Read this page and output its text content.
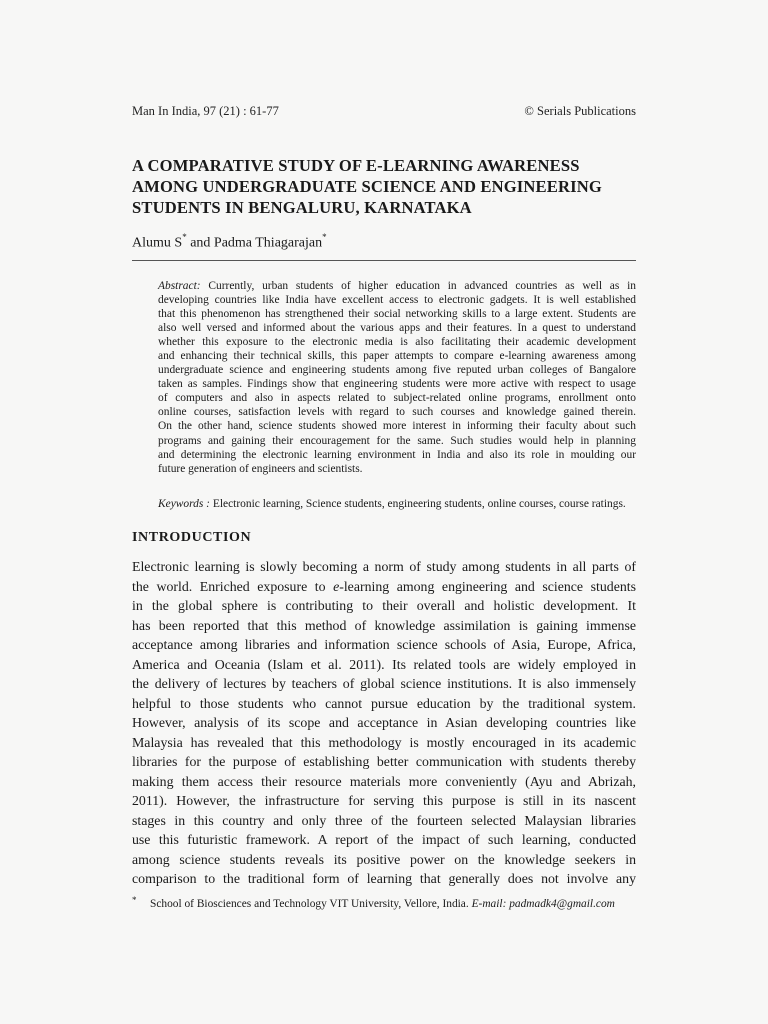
Man In India, 97 (21) : 61-77	© Serials Publications
A COMPARATIVE STUDY OF E-LEARNING AWARENESS
AMONG UNDERGRADUATE SCIENCE AND ENGINEERING
STUDENTS IN BENGALURU, KARNATAKA
Alumu S* and Padma Thiagarajan*
Abstract: Currently, urban students of higher education in advanced countries as well as in
developing countries like India have excellent access to electronic gadgets. It is well established
that this phenomenon has strengthened their social networking skills to a large extent. Students are
also well versed and informed about the various apps and their features. In a quest to understand
whether this exposure to the electronic media is also facilitating their academic development
and enhancing their technical skills, this paper attempts to compare e-learning awareness among
undergraduate science and engineering students among five reputed urban colleges of Bangalore
taken as samples. Findings show that engineering students were more active with respect to usage
of computers and also in aspects related to subject-related online programs, enrollment onto
online courses, satisfaction levels with regard to such courses and knowledge gained therein.
On the other hand, science students showed more interest in informing their faculty about such
programs and gaining their encouragement for the same. Such studies would help in planning
and determining the electronic learning environment in India and also its role in moulding our
future generation of engineers and scientists.
Keywords : Electronic learning, Science students, engineering students, online courses, course ratings.
INTRODUCTION
Electronic learning is slowly becoming a norm of study among students in all parts of
the world. Enriched exposure to e-learning among engineering and science students
in the global sphere is contributing to their overall and holistic development. It
has been reported that this method of knowledge assimilation is gaining immense
acceptance among libraries and information science schools of Asia, Europe, Africa,
America and Oceania (Islam et al. 2011). Its related tools are widely employed in
the delivery of lectures by teachers of global science institutions. It is also immensely
helpful to those students who cannot pursue education by the traditional system.
However, analysis of its scope and acceptance in Asian developing countries like
Malaysia has revealed that this methodology is mostly encouraged in its academic
libraries for the purpose of establishing better communication with students thereby
making them access their resource materials more conveniently (Ayu and Abrizah,
2011). However, the infrastructure for serving this purpose is still in its nascent
stages in this country and only three of the fourteen selected Malaysian libraries
use this futuristic framework. A report of the impact of such learning, conducted
among science students reveals its positive power on the knowledge seekers in
comparison to the traditional form of learning that generally does not involve any
* School of Biosciences and Technology VIT University, Vellore, India. E-mail: padmadk4@gmail.com
